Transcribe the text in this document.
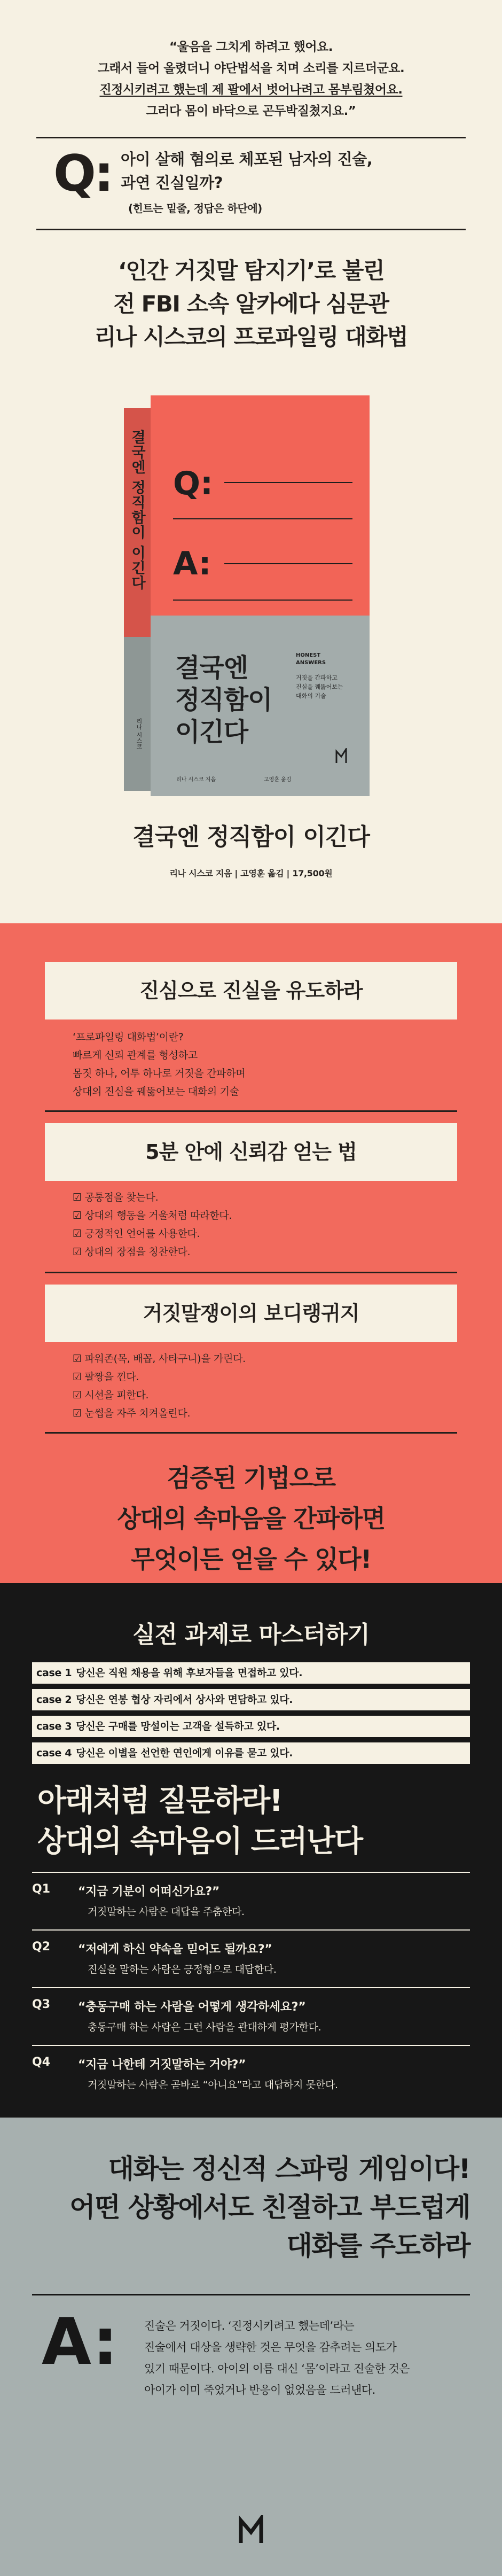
“울음을 그치게 하려고 했어요.

그래서 들어 올렸더니 야단법석을 치며 소리를 지르더군요.

진정시키려고 했는데 제 팔에서 벗어나려고 몸부림쳤어요.

그러다 몸이 바닥으로 곤두박질쳤지요.”

Q: 아이 살해 혐의로 체포된 남자의 진술,
과연 진실일까?
(힌트는 밑줄, 정답은 하단에)
‘인간 거짓말 탐지기’로 불린
전 FBI 소속 알카에다 심문관
리나 시스코의 프로파일링 대화법
결국엔 정직함이 이긴다
리나 시스코
Q:
A:
결국엔
정직함이
이긴다
HONEST
ANSWERS
거짓을 간파하고
진심을 꿰뚫어보는
대화의 기술
리나 시스코 지음	고영훈 옮김
결국엔 정직함이 이긴다
리나 시스코 지음 | 고영훈 옮김 | 17,500원
진심으로 진실을 유도하라
‘프로파일링 대화법’이란?
빠르게 신뢰 관계를 형성하고
몸짓 하나, 어투 하나로 거짓을 간파하며
상대의 진심을 꿰뚫어보는 대화의 기술
5분 안에 신뢰감 얻는 법
☑ 공통점을 찾는다.
☑ 상대의 행동을 거울처럼 따라한다.
☑ 긍정적인 언어를 사용한다.
☑ 상대의 장점을 칭찬한다.
거짓말쟁이의 보디랭귀지
☑ 파워존(목, 배꼽, 사타구니)을 가린다.
☑ 팔짱을 낀다.
☑ 시선을 피한다.
☑ 눈썹을 자주 치켜올린다.

검증된 기법으로

상대의 속마음을 간파하면

무엇이든 얻을 수 있다!

실전 과제로 마스터하기
case 1 당신은 직원 채용을 위해 후보자들을 면접하고 있다.
case 2 당신은 연봉 협상 자리에서 상사와 면담하고 있다.
case 3 당신은 구매를 망설이는 고객을 설득하고 있다.
case 4 당신은 이별을 선언한 연인에게 이유를 묻고 있다.

아래처럼 질문하라!

상대의 속마음이 드러난다

Q1 “지금 기분이 어떠신가요?”
거짓말하는 사람은 대답을 주춤한다.
Q2 “저에게 하신 약속을 믿어도 될까요?”
진실을 말하는 사람은 긍정형으로 대답한다.
Q3 “충동구매 하는 사람을 어떻게 생각하세요?”
충동구매 하는 사람은 그런 사람을 관대하게 평가한다.
Q4 “지금 나한테 거짓말하는 거야?”
거짓말하는 사람은 곧바로 “아니요”라고 대답하지 못한다.

대화는 정신적 스파링 게임이다!

어떤 상황에서도 친절하고 부드럽게

대화를 주도하라

A: 진술은 거짓이다. ‘진정시키려고 했는데’라는
진술에서 대상을 생략한 것은 무엇을 감추려는 의도가
있기 때문이다. 아이의 이름 대신 ‘몸’이라고 진술한 것은
아이가 이미 죽었거나 반응이 없었음을 드러낸다.
